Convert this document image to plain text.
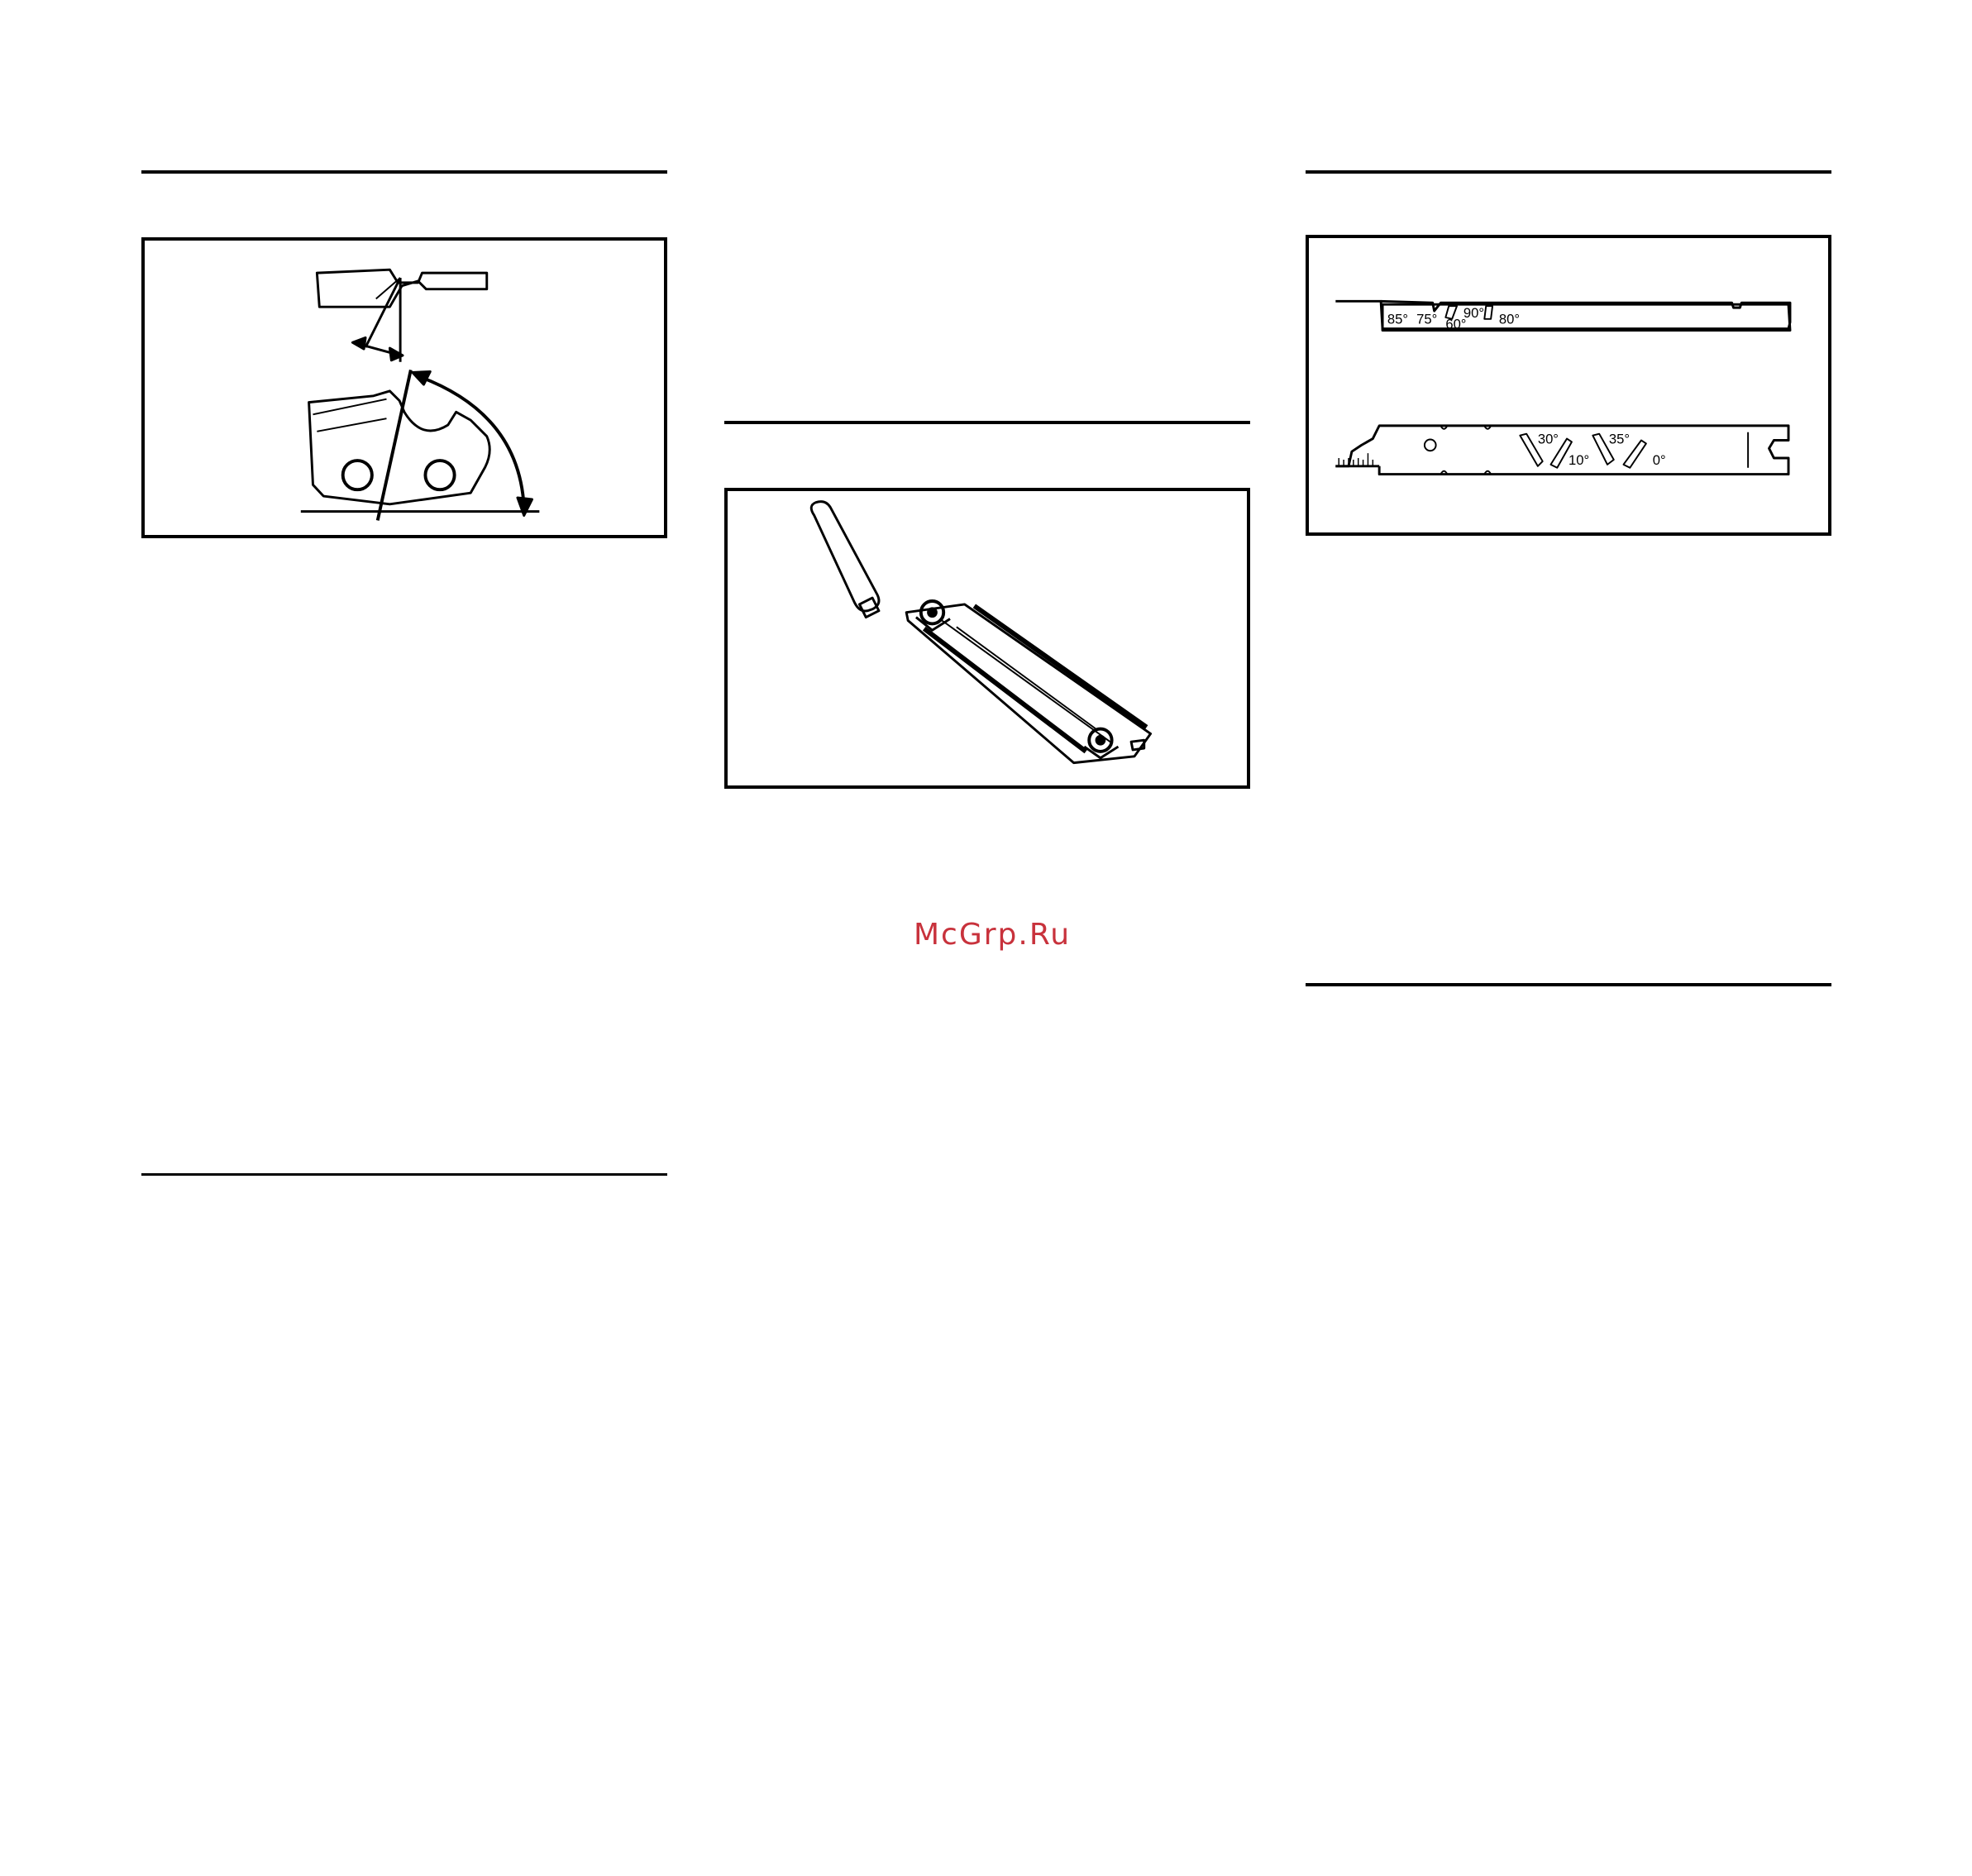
85° 75° 60°
90° 80°
30°
10°
35°
0°
McGrp.Ru
